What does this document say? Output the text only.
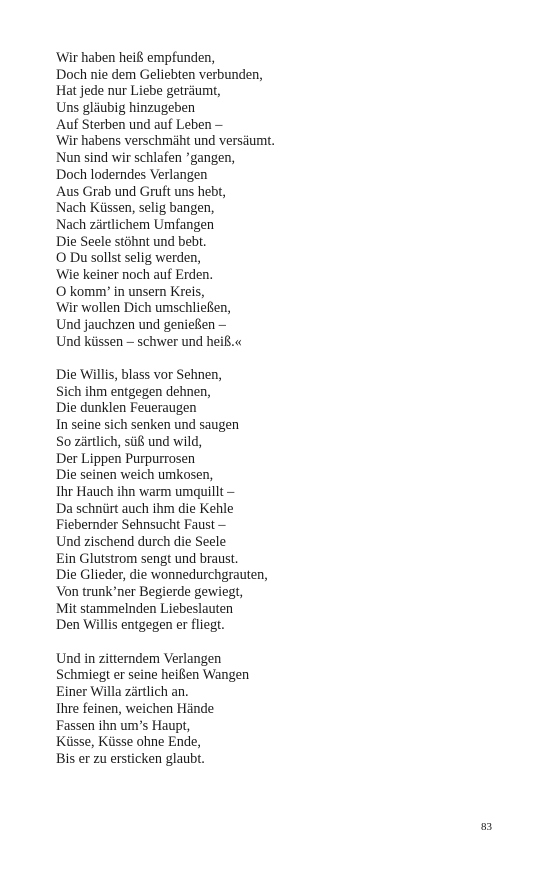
Wir haben heiß empfunden,
Doch nie dem Geliebten verbunden,
Hat jede nur Liebe geträumt,
Uns gläubig hinzugeben
Auf Sterben und auf Leben –
Wir habens verschmäht und versäumt.
Nun sind wir schlafen ’gangen,
Doch loderndes Verlangen
Aus Grab und Gruft uns hebt,
Nach Küssen, selig bangen,
Nach zärtlichem Umfangen
Die Seele stöhnt und bebt.
O Du sollst selig werden,
Wie keiner noch auf Erden.
O komm’ in unsern Kreis,
Wir wollen Dich umschließen,
Und jauchzen und genießen –
Und küssen – schwer und heiß.«
Die Willis, blass vor Sehnen,
Sich ihm entgegen dehnen,
Die dunklen Feueraugen
In seine sich senken und saugen
So zärtlich, süß und wild,
Der Lippen Purpurrosen
Die seinen weich umkosen,
Ihr Hauch ihn warm umquillt –
Da schnürt auch ihm die Kehle
Fiebernder Sehnsucht Faust –
Und zischend durch die Seele
Ein Glutstrom sengt und braust.
Die Glieder, die wonnedurchgrauten,
Von trunk’ner Begierde gewiegt,
Mit stammelnden Liebeslauten
Den Willis entgegen er fliegt.
Und in zitterndem Verlangen
Schmiegt er seine heißen Wangen
Einer Willa zärtlich an.
Ihre feinen, weichen Hände
Fassen ihn um’s Haupt,
Küsse, Küsse ohne Ende,
Bis er zu ersticken glaubt.
83
